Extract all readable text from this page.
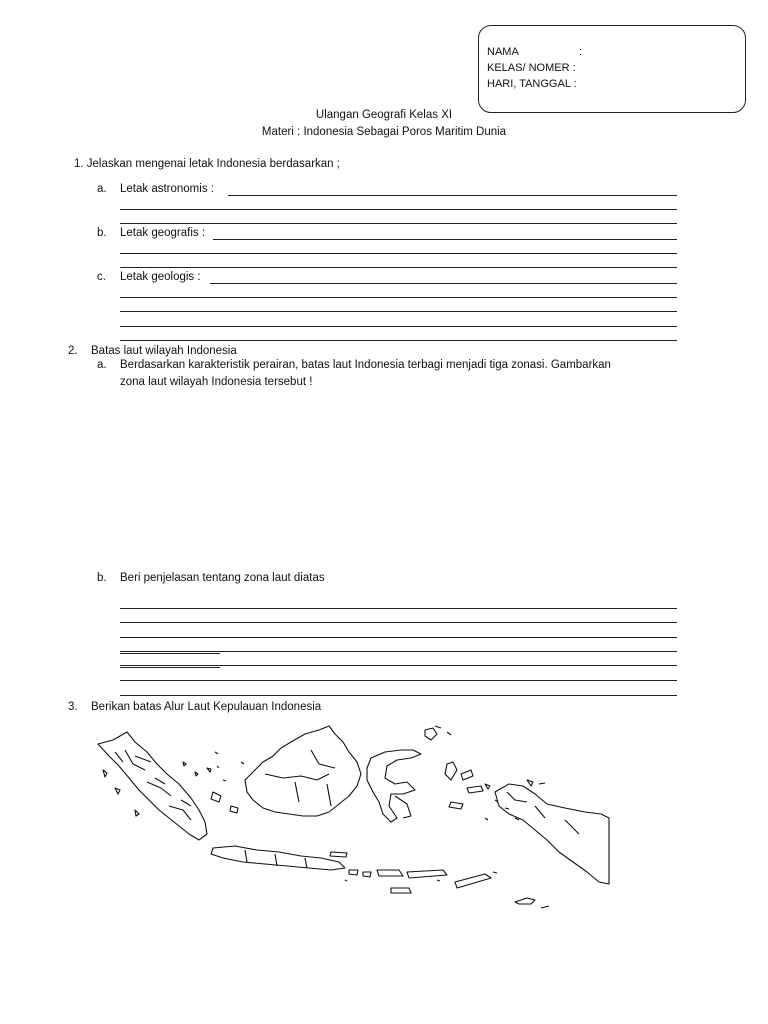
NAMA	:
KELAS/ NOMER :
HARI, TANGGAL :
Ulangan Geografi Kelas XI
Materi : Indonesia Sebagai Poros Maritim Dunia
1. Jelaskan mengenai letak Indonesia berdasarkan ;
a. Letak astronomis :
b. Letak geografis :
c. Letak geologis :
2. Batas laut wilayah Indonesia
a. Berdasarkan karakteristik perairan, batas laut Indonesia terbagi menjadi tiga zonasi. Gambarkan
zona laut wilayah Indonesia tersebut !
b. Beri penjelasan tentang zona laut diatas
3. Berikan batas Alur Laut Kepulauan Indonesia
